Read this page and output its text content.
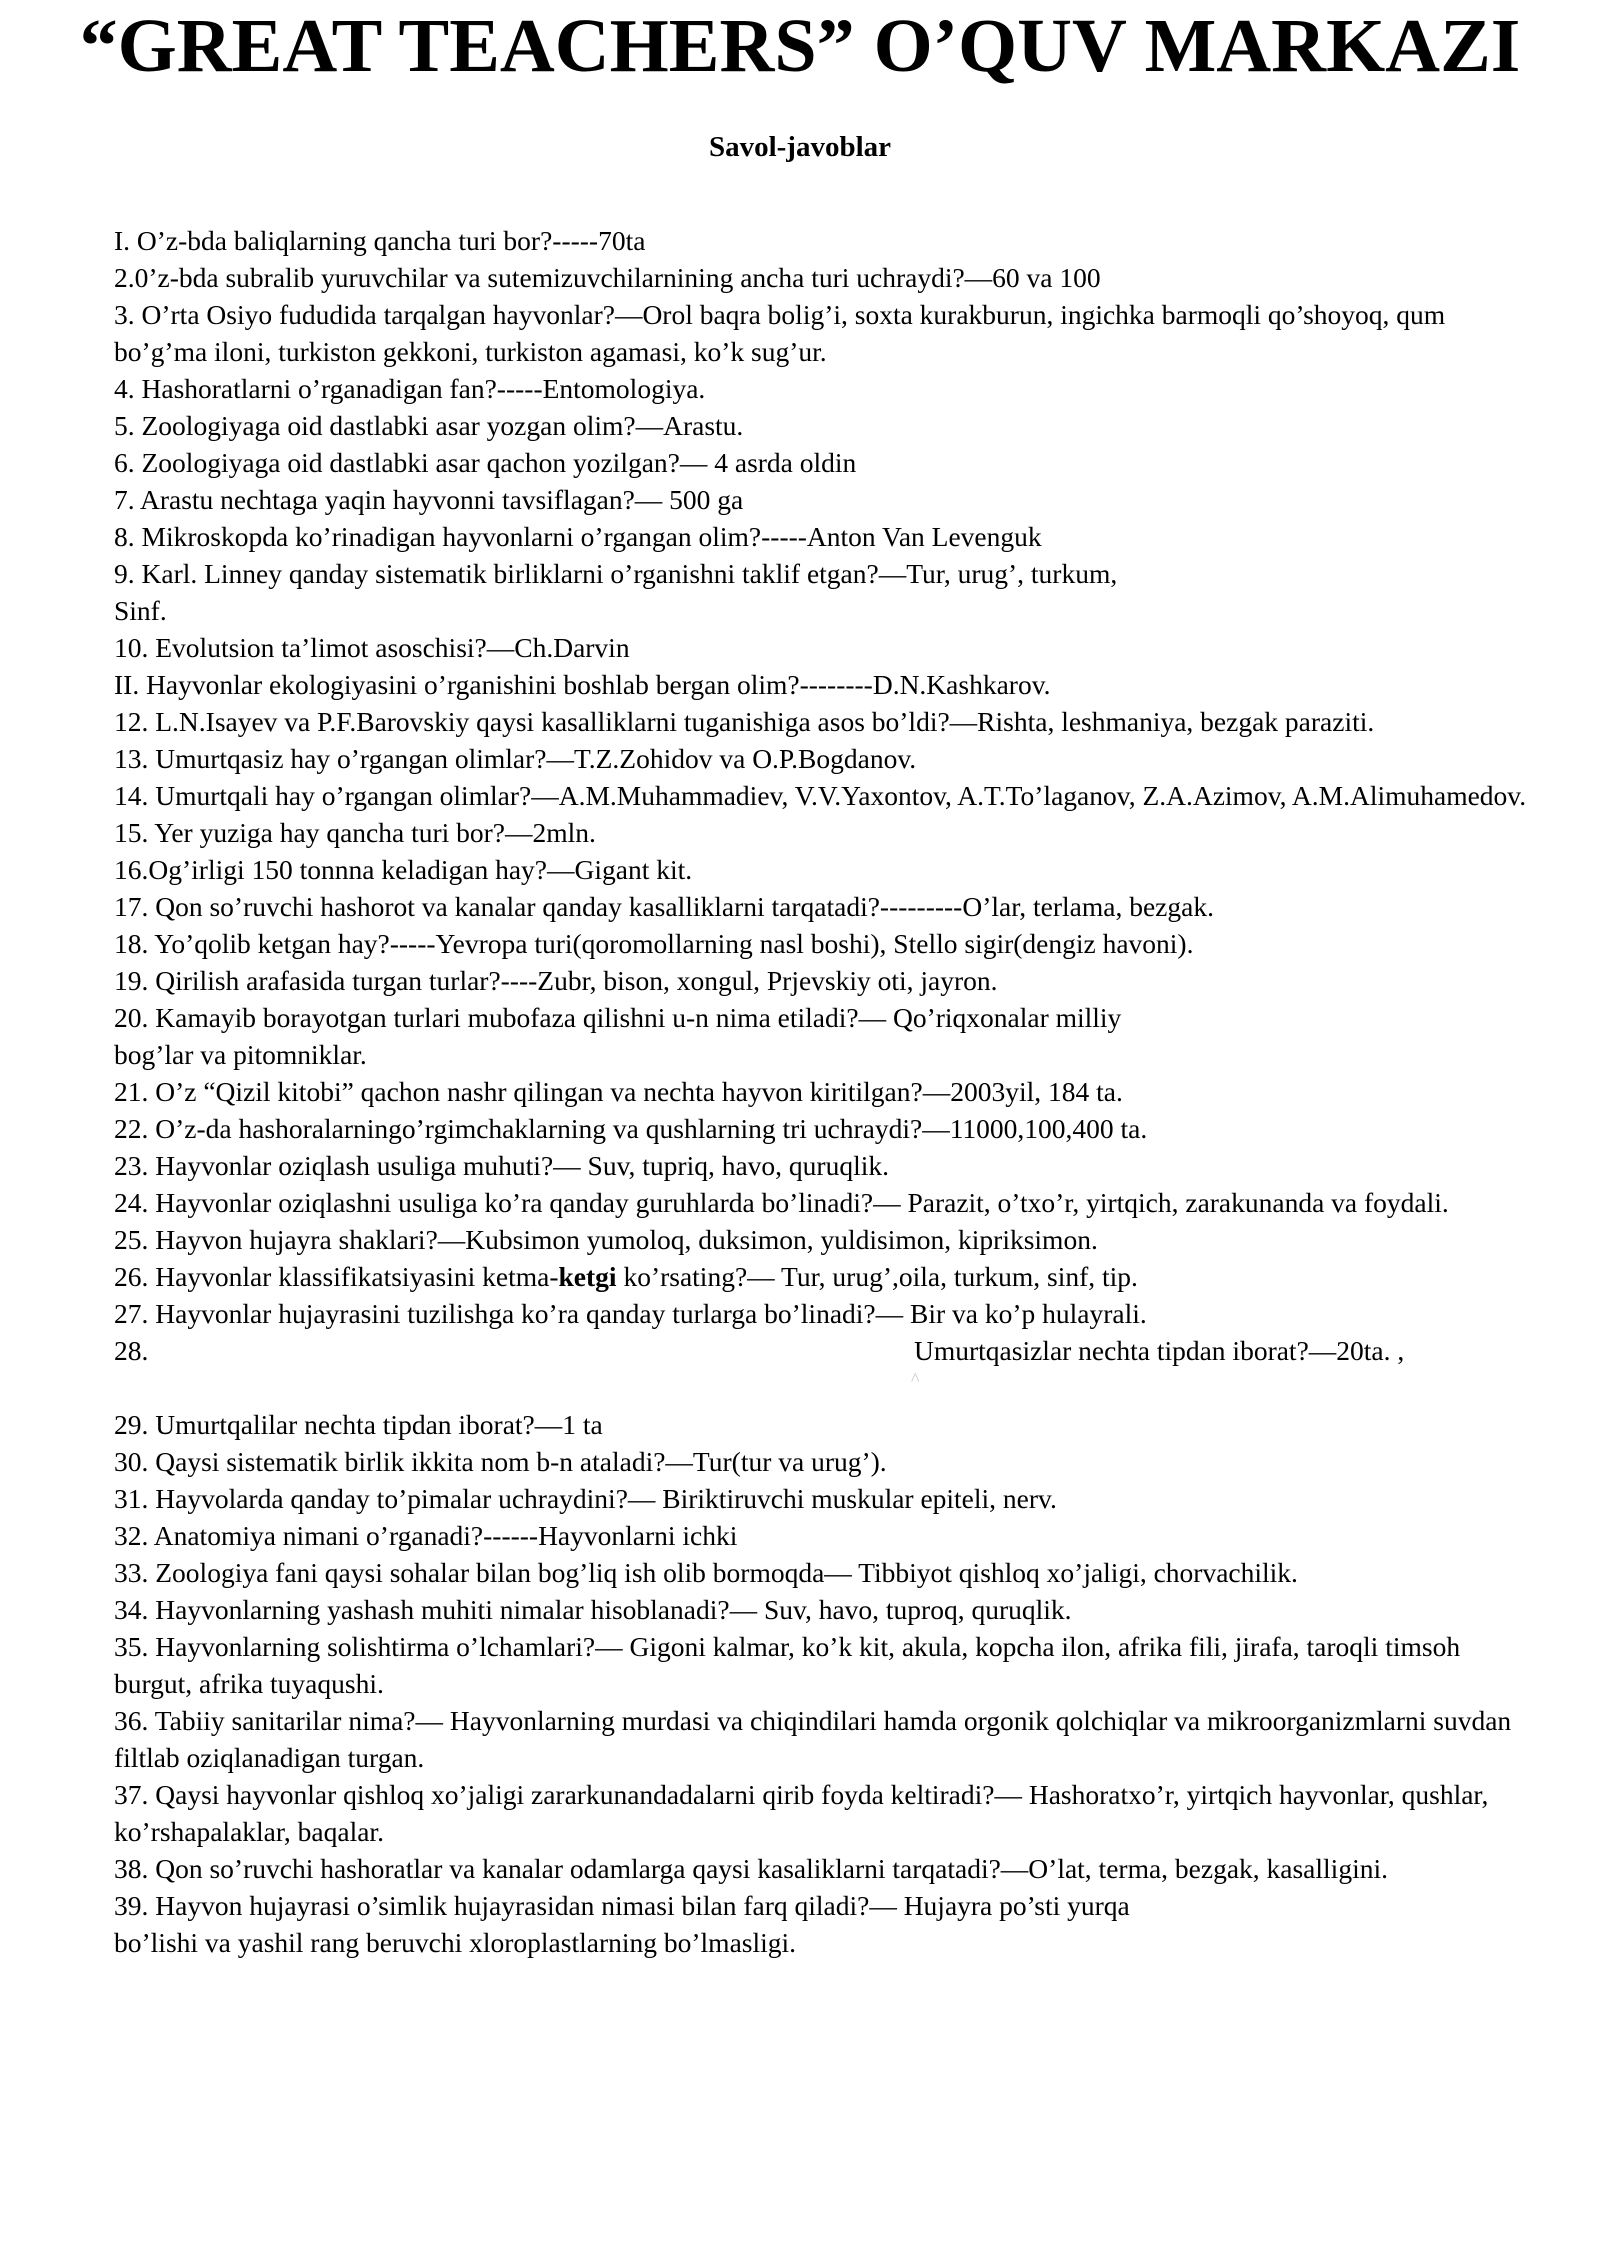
“GREAT TEACHERS” O’QUV MARKAZI
Savol-javoblar
I. O’z-bda baliqlarning qancha turi bor?-----70ta
2.0’z-bda subralib yuruvchilar va sutemizuvchilarnining ancha turi uchraydi?—60 va 100
3. O’rta Osiyo fududida tarqalgan hayvonlar?—Orol baqra bolig’i, soxta kurakburun, ingichka barmoqli qo’shoyoq, qum bo’g’ma iloni, turkiston gekkoni, turkiston agamasi, ko’k sug’ur.
4. Hashoratlarni o’rganadigan fan?-----Entomologiya.
5. Zoologiyaga oid dastlabki asar yozgan olim?—Arastu.
6. Zoologiyaga oid dastlabki asar qachon yozilgan?— 4 asrda oldin
7. Arastu nechtaga yaqin hayvonni tavsiflagan?— 500 ga
8. Mikroskopda ko’rinadigan hayvonlarni o’rgangan olim?-----Anton Van Levenguk
9. Karl. Linney qanday sistematik birliklarni o’rganishni taklif etgan?—Tur, urug’, turkum,
Sinf.
10. Evolutsion ta’limot asoschisi?—Ch.Darvin
II. Hayvonlar ekologiyasini o’rganishini boshlab bergan olim?--------D.N.Kashkarov.
12. L.N.Isayev va P.F.Barovskiy qaysi kasalliklarni tuganishiga asos bo’ldi?—Rishta, leshmaniya, bezgak paraziti.
13. Umurtqasiz hay o’rgangan olimlar?—T.Z.Zohidov va O.P.Bogdanov.
14. Umurtqali hay o’rgangan olimlar?—A.M.Muhammadiev, V.V.Yaxontov, A.T.To’laganov, Z.A.Azimov, A.M.Alimuhamedov.
15. Yer yuziga hay qancha turi bor?—2mln.
16.Og’irligi 150 tonnna keladigan hay?—Gigant kit.
17. Qon so’ruvchi hashorot va kanalar qanday kasalliklarni tarqatadi?---------O’lar, terlama, bezgak.
18. Yo’qolib ketgan hay?-----Yevropa turi(qoromollarning nasl boshi), Stello sigir(dengiz havoni).
19. Qirilish arafasida turgan turlar?----Zubr, bison, xongul, Prjevskiy oti, jayron.
20. Kamayib borayotgan turlari mubofaza qilishni u-n nima etiladi?— Qo’riqxonalar milliy
bog’lar va pitomniklar.
21. O’z “Qizil kitobi” qachon nashr qilingan va nechta hayvon kiritilgan?—2003yil, 184 ta.
22. O’z-da hashoralarningo’rgimchaklarning va qushlarning tri uchraydi?—11000,100,400 ta.
23. Hayvonlar oziqlash usuliga muhuti?— Suv, tupriq, havo, quruqlik.
24. Hayvonlar oziqlashni usuliga ko’ra qanday guruhlarda bo’linadi?— Parazit, o’txo’r, yirtqich, zarakunanda va foydali.
25. Hayvon hujayra shaklari?—Kubsimon yumoloq, duksimon, yuldisimon, kipriksimon.
26. Hayvonlar klassifikatsiyasini ketma-ketgi ko’rsating?— Tur, urug’,oila, turkum, sinf, tip.
27. Hayvonlar hujayrasini tuzilishga ko’ra qanday turlarga bo’linadi?— Bir va ko’p hulayrali.
28.	Umurtqasizlar nechta tipdan iborat?—20ta. ,
^
29. Umurtqalilar nechta tipdan iborat?—1 ta
30. Qaysi sistematik birlik ikkita nom b-n ataladi?—Tur(tur va urug’).
31. Hayvolarda qanday to’pimalar uchraydini?— Biriktiruvchi muskular epiteli, nerv.
32. Anatomiya nimani o’rganadi?------Hayvonlarni ichki
33. Zoologiya fani qaysi sohalar bilan bog’liq ish olib bormoqda— Tibbiyot qishloq xo’jaligi, chorvachilik.
34. Hayvonlarning yashash muhiti nimalar hisoblanadi?— Suv, havo, tuproq, quruqlik.
35. Hayvonlarning solishtirma o’lchamlari?— Gigoni kalmar, ko’k kit, akula, kopcha ilon, afrika fili, jirafa, taroqli timsoh burgut, afrika tuyaqushi.
36. Tabiiy sanitarilar nima?— Hayvonlarning murdasi va chiqindilari hamda orgonik qolchiqlar va mikroorganizmlarni suvdan filtlab oziqlanadigan turgan.
37. Qaysi hayvonlar qishloq xo’jaligi zararkunandadalarni qirib foyda keltiradi?— Hashoratxo’r, yirtqich hayvonlar, qushlar, ko’rshapalaklar, baqalar.
38. Qon so’ruvchi hashoratlar va kanalar odamlarga qaysi kasaliklarni tarqatadi?—O’lat, terma, bezgak, kasalligini.
39. Hayvon hujayrasi o’simlik hujayrasidan nimasi bilan farq qiladi?— Hujayra po’sti yurqa
bo’lishi va yashil rang beruvchi xloroplastlarning bo’lmasligi.
